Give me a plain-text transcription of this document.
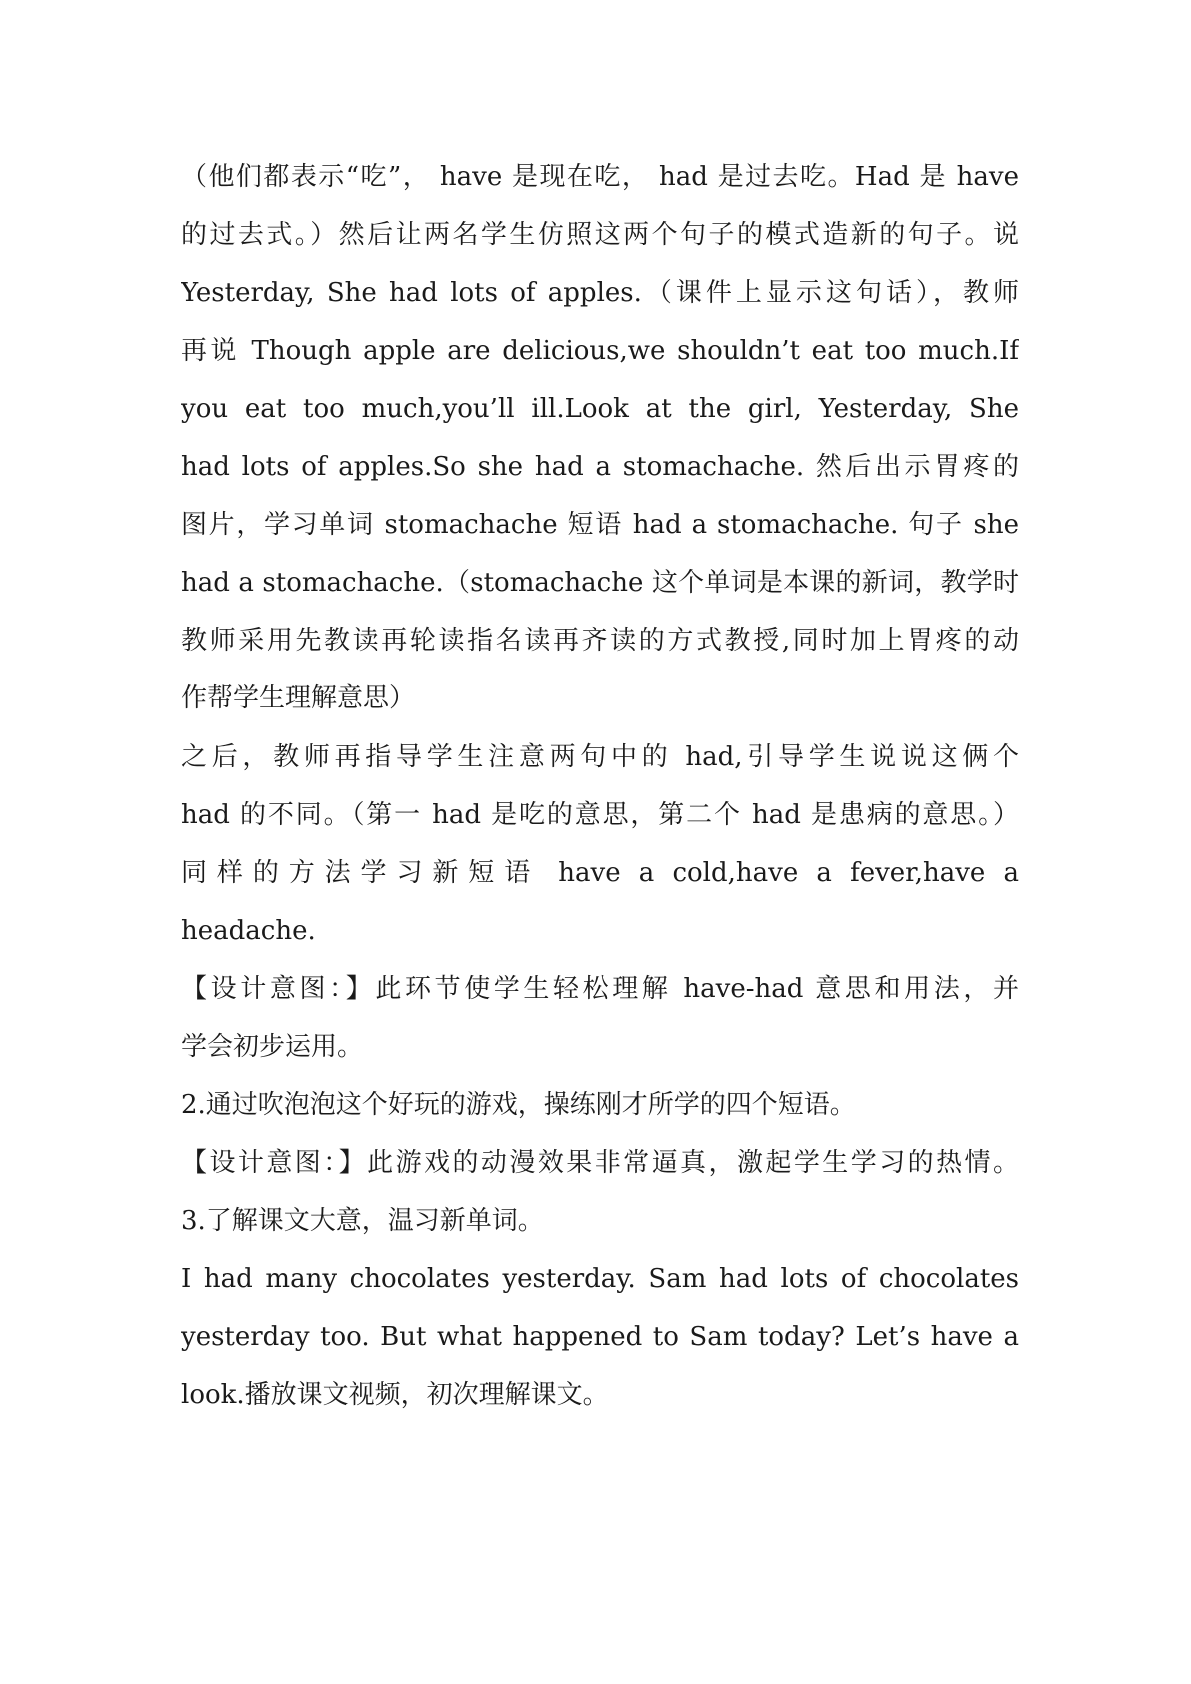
（他们都表示“吃”， have 是现在吃， had 是过去吃。Had 是 have
的过去式。）然后让两名学生仿照这两个句子的模式造新的句子。说
Yesterday, She had lots of apples.（课件上显示这句话），教师
再说 Though apple are delicious,we shouldn’t eat too much.If
you eat too much,you’ll ill.Look at the girl, Yesterday, She
had lots of apples.So she had a stomachache. 然后出示胃疼的
图片，学习单词 stomachache 短语 had a stomachache. 句子 she
had a stomachache.（stomachache 这个单词是本课的新词，教学时
教师采用先教读再轮读指名读再齐读的方式教授,同时加上胃疼的动
作帮学生理解意思）
之后，教师再指导学生注意两句中的 had,引导学生说说这俩个
had 的不同。（第一 had 是吃的意思，第二个 had 是患病的意思。）
同样的方法学习新短语 have a cold,have a fever,have a
headache.
【设计意图：】此环节使学生轻松理解 have-had 意思和用法，并
学会初步运用。
2.通过吹泡泡这个好玩的游戏，操练刚才所学的四个短语。
【设计意图：】此游戏的动漫效果非常逼真，激起学生学习的热情。
3.了解课文大意，温习新单词。
I had many chocolates yesterday. Sam had lots of chocolates
yesterday too. But what happened to Sam today? Let’s have a
look.播放课文视频，初次理解课文。
